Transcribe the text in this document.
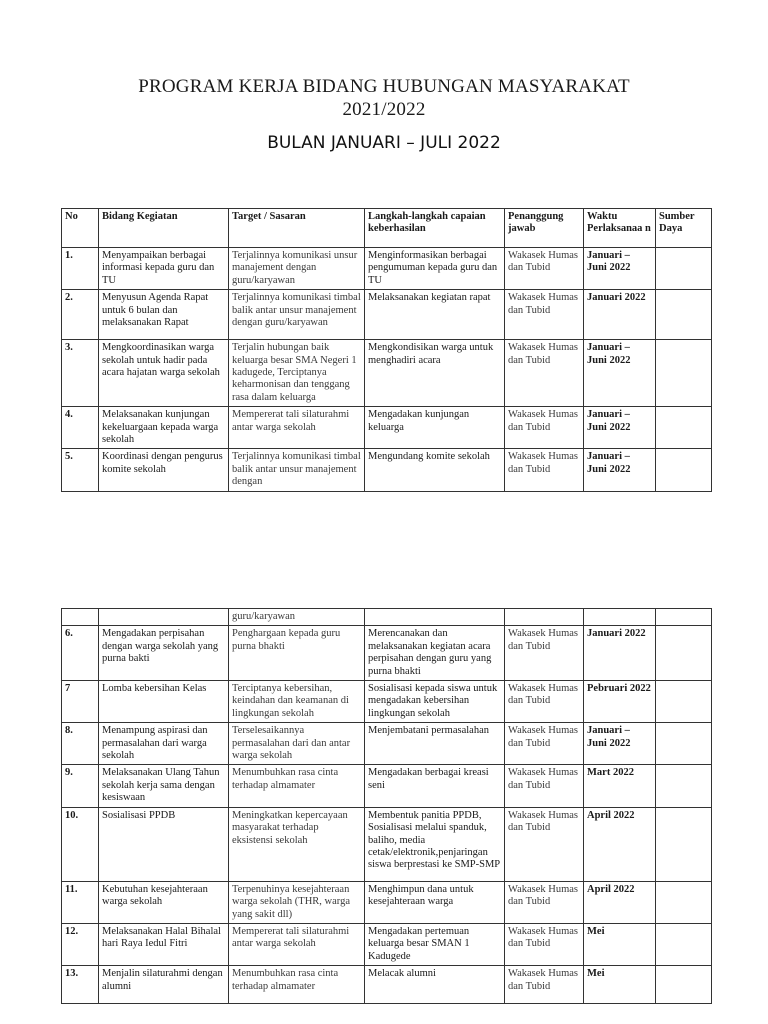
PROGRAM KERJA BIDANG HUBUNGAN MASYARAKAT
2021/2022
BULAN JANUARI – JULI 2022
No	Bidang Kegiatan	Target / Sasaran	Langkah-langkah capaian keberhasilan	Penanggung jawab	Waktu Perlaksanaa n	Sumber Daya
1.	Menyampaikan berbagai informasi kepada guru dan TU	Terjalinnya komunikasi unsur manajement dengan guru/karyawan	Menginformasikan berbagai pengumuman kepada guru dan TU	Wakasek Humas dan Tubid	Januari – Juni 2022	
2.	Menyusun Agenda Rapat untuk 6 bulan dan melaksanakan Rapat	Terjalinnya komunikasi timbal balik antar unsur manajement dengan guru/karyawan	Melaksanakan kegiatan rapat	Wakasek Humas dan Tubid	Januari 2022	
3.	Mengkoordinasikan warga sekolah untuk hadir pada acara hajatan warga sekolah	Terjalin hubungan baik keluarga besar SMA Negeri 1 kadugede, Terciptanya keharmonisan dan tenggang rasa dalam keluarga	Mengkondisikan warga untuk menghadiri acara	Wakasek Humas dan Tubid	Januari – Juni 2022	
4.	Melaksanakan kunjungan kekeluargaan kepada warga sekolah	Mempererat tali silaturahmi antar warga sekolah	Mengadakan kunjungan keluarga	Wakasek Humas dan Tubid	Januari – Juni 2022	
5.	Koordinasi dengan pengurus komite sekolah	Terjalinnya komunikasi timbal balik antar unsur manajement dengan	Mengundang komite sekolah	Wakasek Humas dan Tubid	Januari – Juni 2022	
		guru/karyawan				
6.	Mengadakan perpisahan dengan warga sekolah yang purna bakti	Penghargaan kepada guru purna bhakti	Merencanakan dan melaksanakan kegiatan acara perpisahan dengan guru yang purna bhakti	Wakasek Humas dan Tubid	Januari 2022	
7	Lomba kebersihan Kelas	Terciptanya kebersihan, keindahan dan keamanan di lingkungan sekolah	Sosialisasi kepada siswa untuk mengadakan kebersihan lingkungan sekolah	Wakasek Humas dan Tubid	Pebruari 2022	
8.	Menampung aspirasi dan permasalahan dari warga sekolah	Terselesaikannya permasalahan dari dan antar warga sekolah	Menjembatani permasalahan	Wakasek Humas dan Tubid	Januari – Juni 2022	
9.	Melaksanakan Ulang Tahun sekolah kerja sama dengan kesiswaan	Menumbuhkan rasa cinta terhadap almamater	Mengadakan berbagai kreasi seni	Wakasek Humas dan Tubid	Mart 2022	
10.	Sosialisasi PPDB	Meningkatkan kepercayaan masyarakat terhadap eksistensi sekolah	Membentuk panitia PPDB, Sosialisasi melalui spanduk, baliho, media cetak/elektronik,penjaringan siswa berprestasi ke SMP-SMP	Wakasek Humas dan Tubid	April 2022	
11.	Kebutuhan kesejahteraan warga sekolah	Terpenuhinya kesejahteraan warga sekolah (THR, warga yang sakit dll)	Menghimpun dana untuk kesejahteraan warga	Wakasek Humas dan Tubid	April 2022	
12.	Melaksanakan Halal Bihalal hari Raya Iedul Fitri	Mempererat tali silaturahmi antar warga sekolah	Mengadakan pertemuan keluarga besar SMAN 1 Kadugede	Wakasek Humas dan Tubid	Mei	
13.	Menjalin silaturahmi dengan alumni	Menumbuhkan rasa cinta terhadap almamater	Melacak alumni	Wakasek Humas dan Tubid	Mei	
